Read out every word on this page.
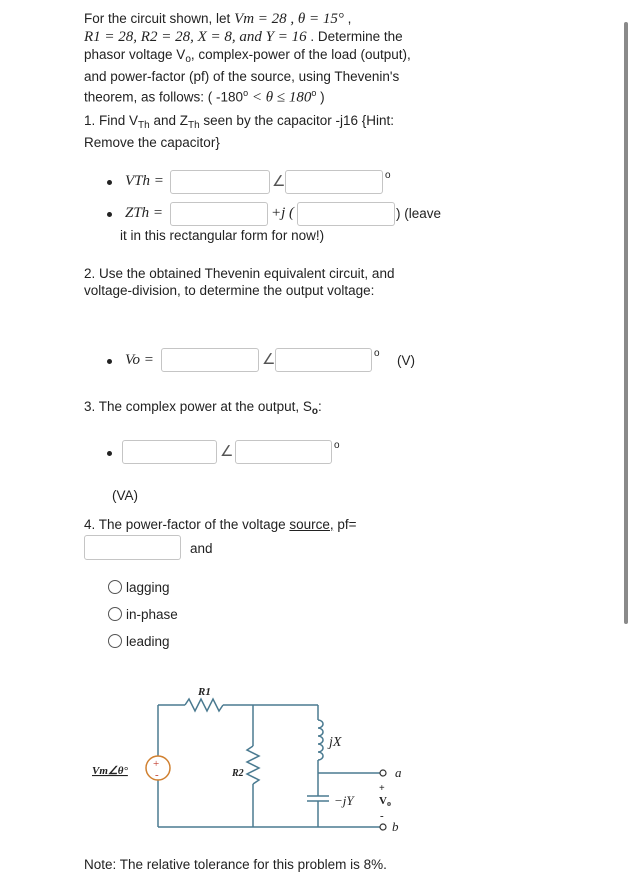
For the circuit shown, let Vm = 28 , θ = 15° ,
R1 = 28, R2 = 28, X = 8, and Y = 16 . Determine the
phasor voltage $V_o$, complex-power of the load (output),
and power-factor (pf) of the source, using Thevenin's
theorem, as follows: ( $-180^o < \theta \le 180^o$ )
1. Find $V_{Th}$ and $Z_{Th}$ seen by the capacitor -j16 {Hint:
Remove the capacitor}
VTh =	∠	o
ZTh =	+j (	) (leave
it in this rectangular form for now!)
2. Use the obtained Thevenin equivalent circuit, and
voltage-division, to determine the output voltage:
Vo =	∠	o (V)
3. The complex power at the output, $S_o$:
∠	o
(VA)
4. The power-factor of the voltage source, pf=
and
lagging
in-phase
leading
+
-
R1
R2
jX
−jY
Vm∠θ°	a
b
+
V o
-
Note: The relative tolerance for this problem is 8%.
